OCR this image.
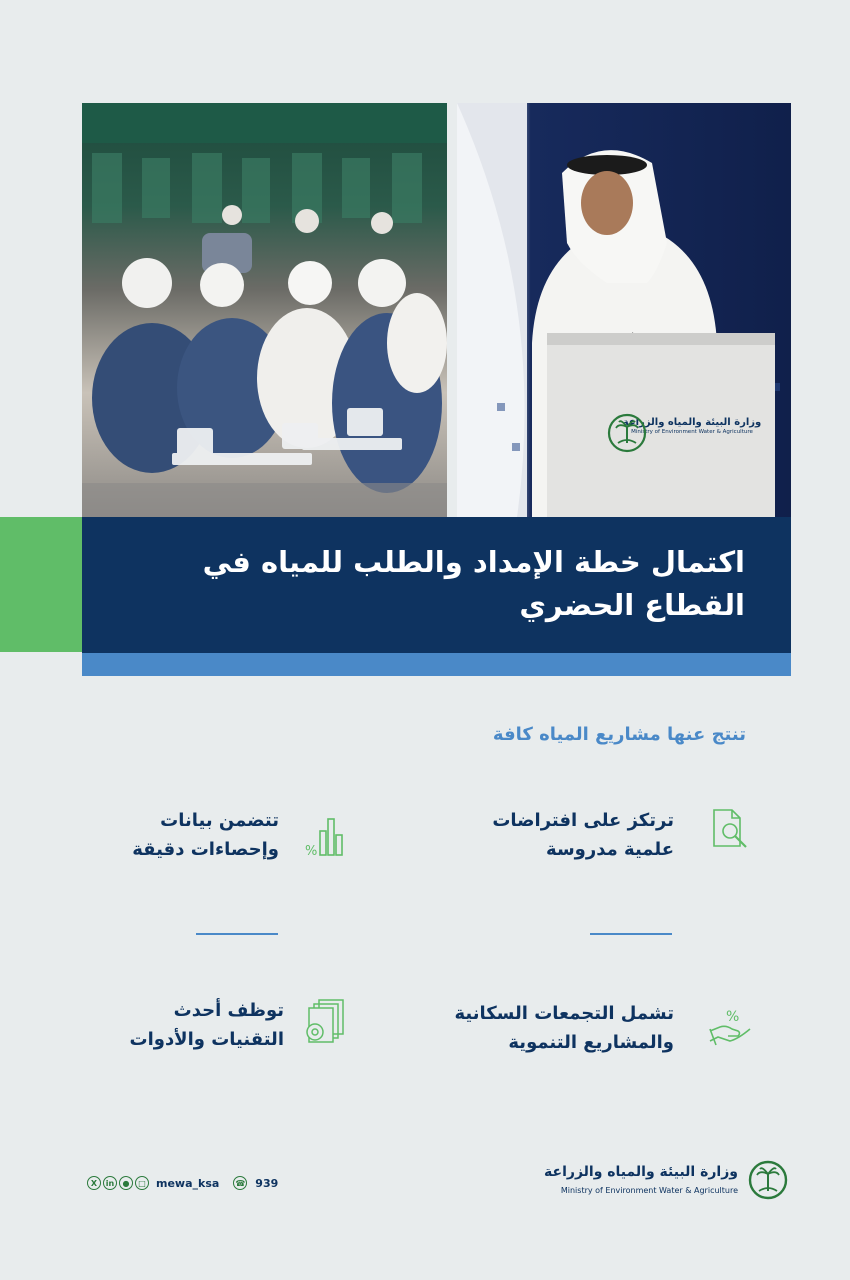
وزارة البيئة والمياه والزراعة
Ministry of Environment Water & Agriculture
اكتمال خطة الإمداد والطلب للمياه في القطاع الحضري
تنتج عنها مشاريع المياه كافة
ترتكز على افتراضات
علمية مدروسة
%
تتضمن بيانات
وإحصاءات دقيقة
%
تشمل التجمعات السكانية
والمشاريع التنموية
توظف أحدث
التقنيات والأدوات
وزارة البيئة والمياه والزراعة
Ministry of Environment Water & Agriculture
X	in	●	□ mewa_ksa ☎ 939
